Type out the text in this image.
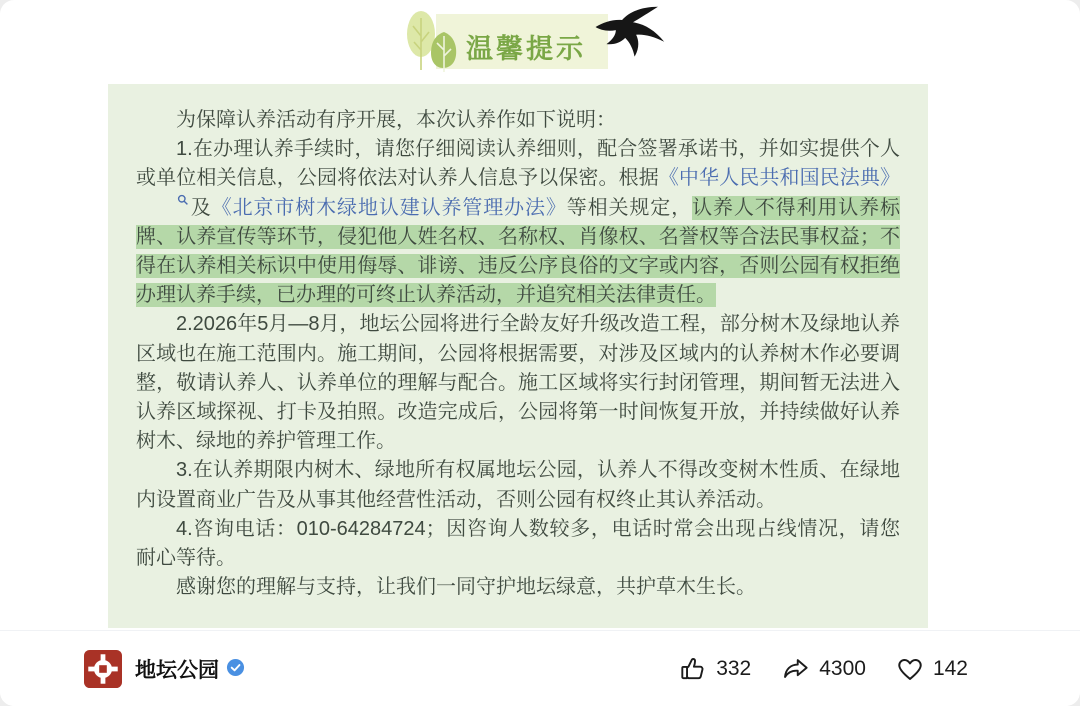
温馨提示

为保障认养活动有序开展，本次认养作如下说明：

1.在办理认养手续时，请您仔细阅读认养细则，配合签署承诺书，并如实提供个人或单位相关信息，公园将依法对认养人信息予以保密。根据《中华人民共和国民法典》及《北京市树木绿地认建认养管理办法》等相关规定，认养人不得利用认养标牌、认养宣传等环节，侵犯他人姓名权、名称权、肖像权、名誉权等合法民事权益；不得在认养相关标识中使用侮辱、诽谤、违反公序良俗的文字或内容，否则公园有权拒绝办理认养手续，已办理的可终止认养活动，并追究相关法律责任。

2.2026年5月—8月，地坛公园将进行全龄友好升级改造工程，部分树木及绿地认养区域也在施工范围内。施工期间，公园将根据需要，对涉及区域内的认养树木作必要调整，敬请认养人、认养单位的理解与配合。施工区域将实行封闭管理，期间暂无法进入认养区域探视、打卡及拍照。改造完成后，公园将第一时间恢复开放，并持续做好认养树木、绿地的养护管理工作。

3.在认养期限内树木、绿地所有权属地坛公园，认养人不得改变树木性质、在绿地内设置商业广告及从事其他经营性活动，否则公园有权终止其认养活动。

4.咨询电话：010-64284724；因咨询人数较多，电话时常会出现占线情况，请您耐心等待。

感谢您的理解与支持，让我们一同守护地坛绿意，共护草木生长。

地坛公园	332	4300	142
